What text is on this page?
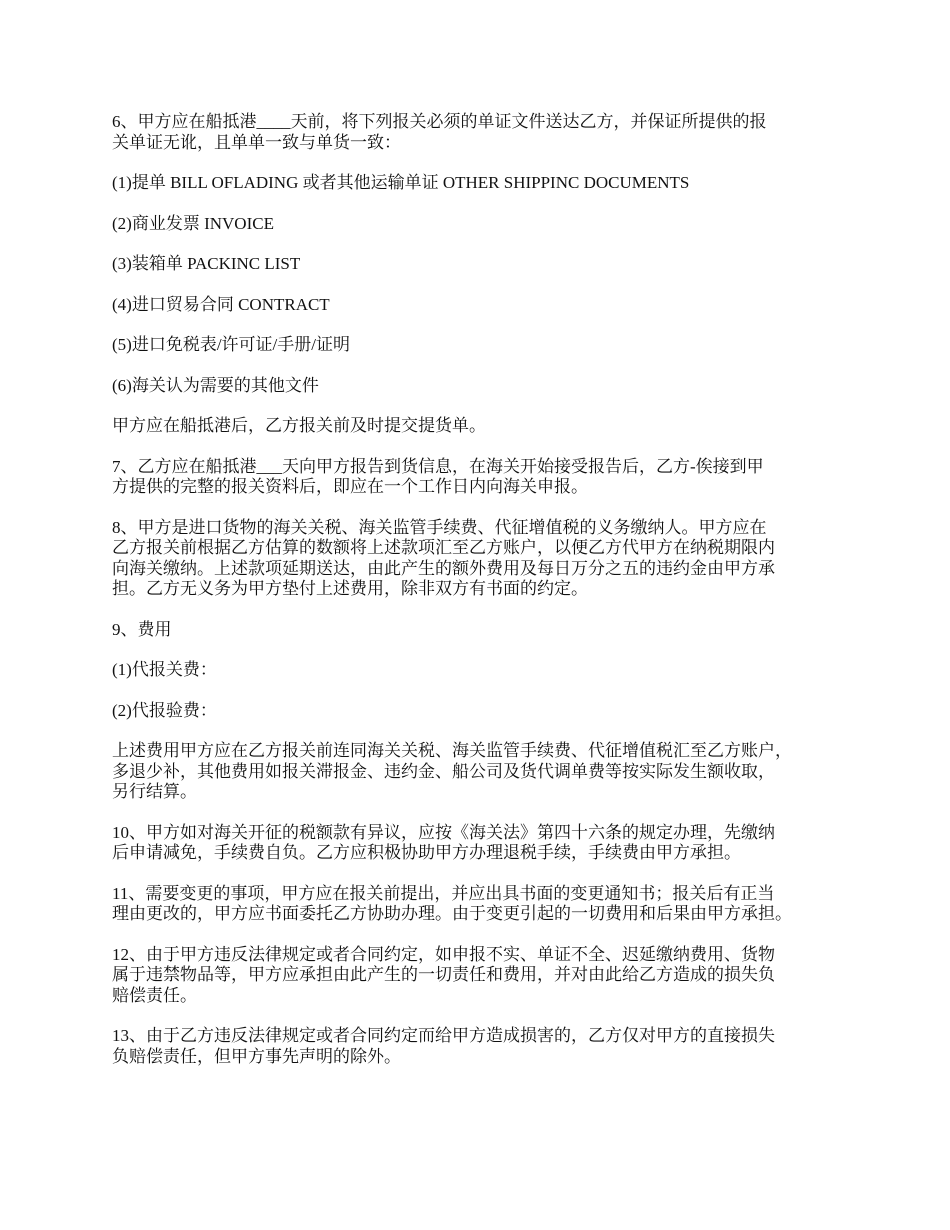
6、甲方应在船抵港____天前，将下列报关必须的单证文件送达乙方，并保证所提供的报
关单证无讹，且单单一致与单货一致：

(1)提单 BILL OFLADING 或者其他运输单证 OTHER SHIPPINC DOCUMENTS

(2)商业发票 INVOICE

(3)装箱单 PACKINC LIST

(4)进口贸易合同 CONTRACT

(5)进口免税表/许可证/手册/证明

(6)海关认为需要的其他文件

甲方应在船抵港后，乙方报关前及时提交提货单。

7、乙方应在船抵港___天向甲方报告到货信息，在海关开始接受报告后，乙方-俟接到甲
方提供的完整的报关资料后，即应在一个工作日内向海关申报。

8、甲方是进口货物的海关关税、海关监管手续费、代征增值税的义务缴纳人。甲方应在
乙方报关前根据乙方估算的数额将上述款项汇至乙方账户，以便乙方代甲方在纳税期限内
向海关缴纳。上述款项延期送达，由此产生的额外费用及每日万分之五的违约金由甲方承
担。乙方无义务为甲方垫付上述费用，除非双方有书面的约定。

9、费用

(1)代报关费：

(2)代报验费：

上述费用甲方应在乙方报关前连同海关关税、海关监管手续费、代征增值税汇至乙方账户，
多退少补，其他费用如报关滞报金、违约金、船公司及货代调单费等按实际发生额收取，
另行结算。

10、甲方如对海关开征的税额款有异议，应按《海关法》第四十六条的规定办理，先缴纳
后申请减免，手续费自负。乙方应积极协助甲方办理退税手续，手续费由甲方承担。

11、需要变更的事项，甲方应在报关前提出，并应出具书面的变更通知书；报关后有正当
理由更改的，甲方应书面委托乙方协助办理。由于变更引起的一切费用和后果由甲方承担。

12、由于甲方违反法律规定或者合同约定，如申报不实、单证不全、迟延缴纳费用、货物
属于违禁物品等，甲方应承担由此产生的一切责任和费用，并对由此给乙方造成的损失负
赔偿责任。

13、由于乙方违反法律规定或者合同约定而给甲方造成损害的，乙方仅对甲方的直接损失
负赔偿责任，但甲方事先声明的除外。
